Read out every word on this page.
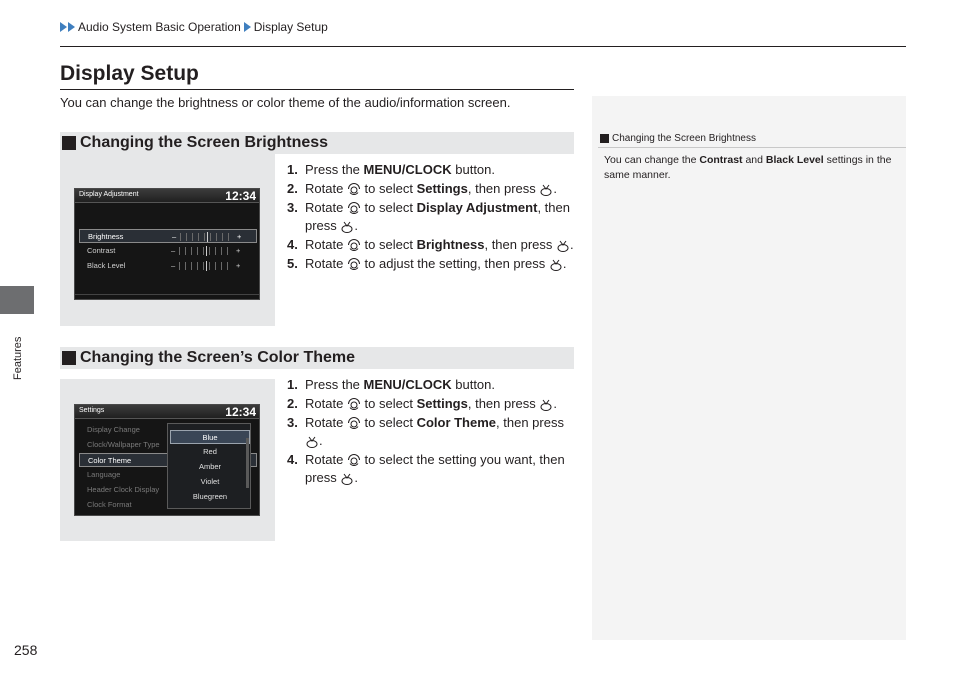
Features
Audio System Basic Operation Display Setup
Display Setup
You can change the brightness or color theme of the audio/information screen.
Changing the Screen Brightness
You can change the Contrast and Black Level settings in the same manner.
Changing the Screen Brightness
Display Adjustment	12:34
Brightness	–	+
Contrast	–	+
Black Level	–	+
1. Press the MENU/CLOCK button.
2. Rotate  to select Settings, then press .
3. Rotate  to select Display Adjustment, then press .
4. Rotate  to select Brightness, then press .
5. Rotate  to adjust the setting, then press .
Changing the Screen’s Color Theme
Settings	12:34
Display Change
Clock/Wallpaper Type
Color Theme
Language
Header Clock Display
Clock Format
Blue
Red
Amber
Violet
Bluegreen
1. Press the MENU/CLOCK button.
2. Rotate  to select Settings, then press .
3. Rotate  to select Color Theme, then press .
4. Rotate  to select the setting you want, then press .
258
